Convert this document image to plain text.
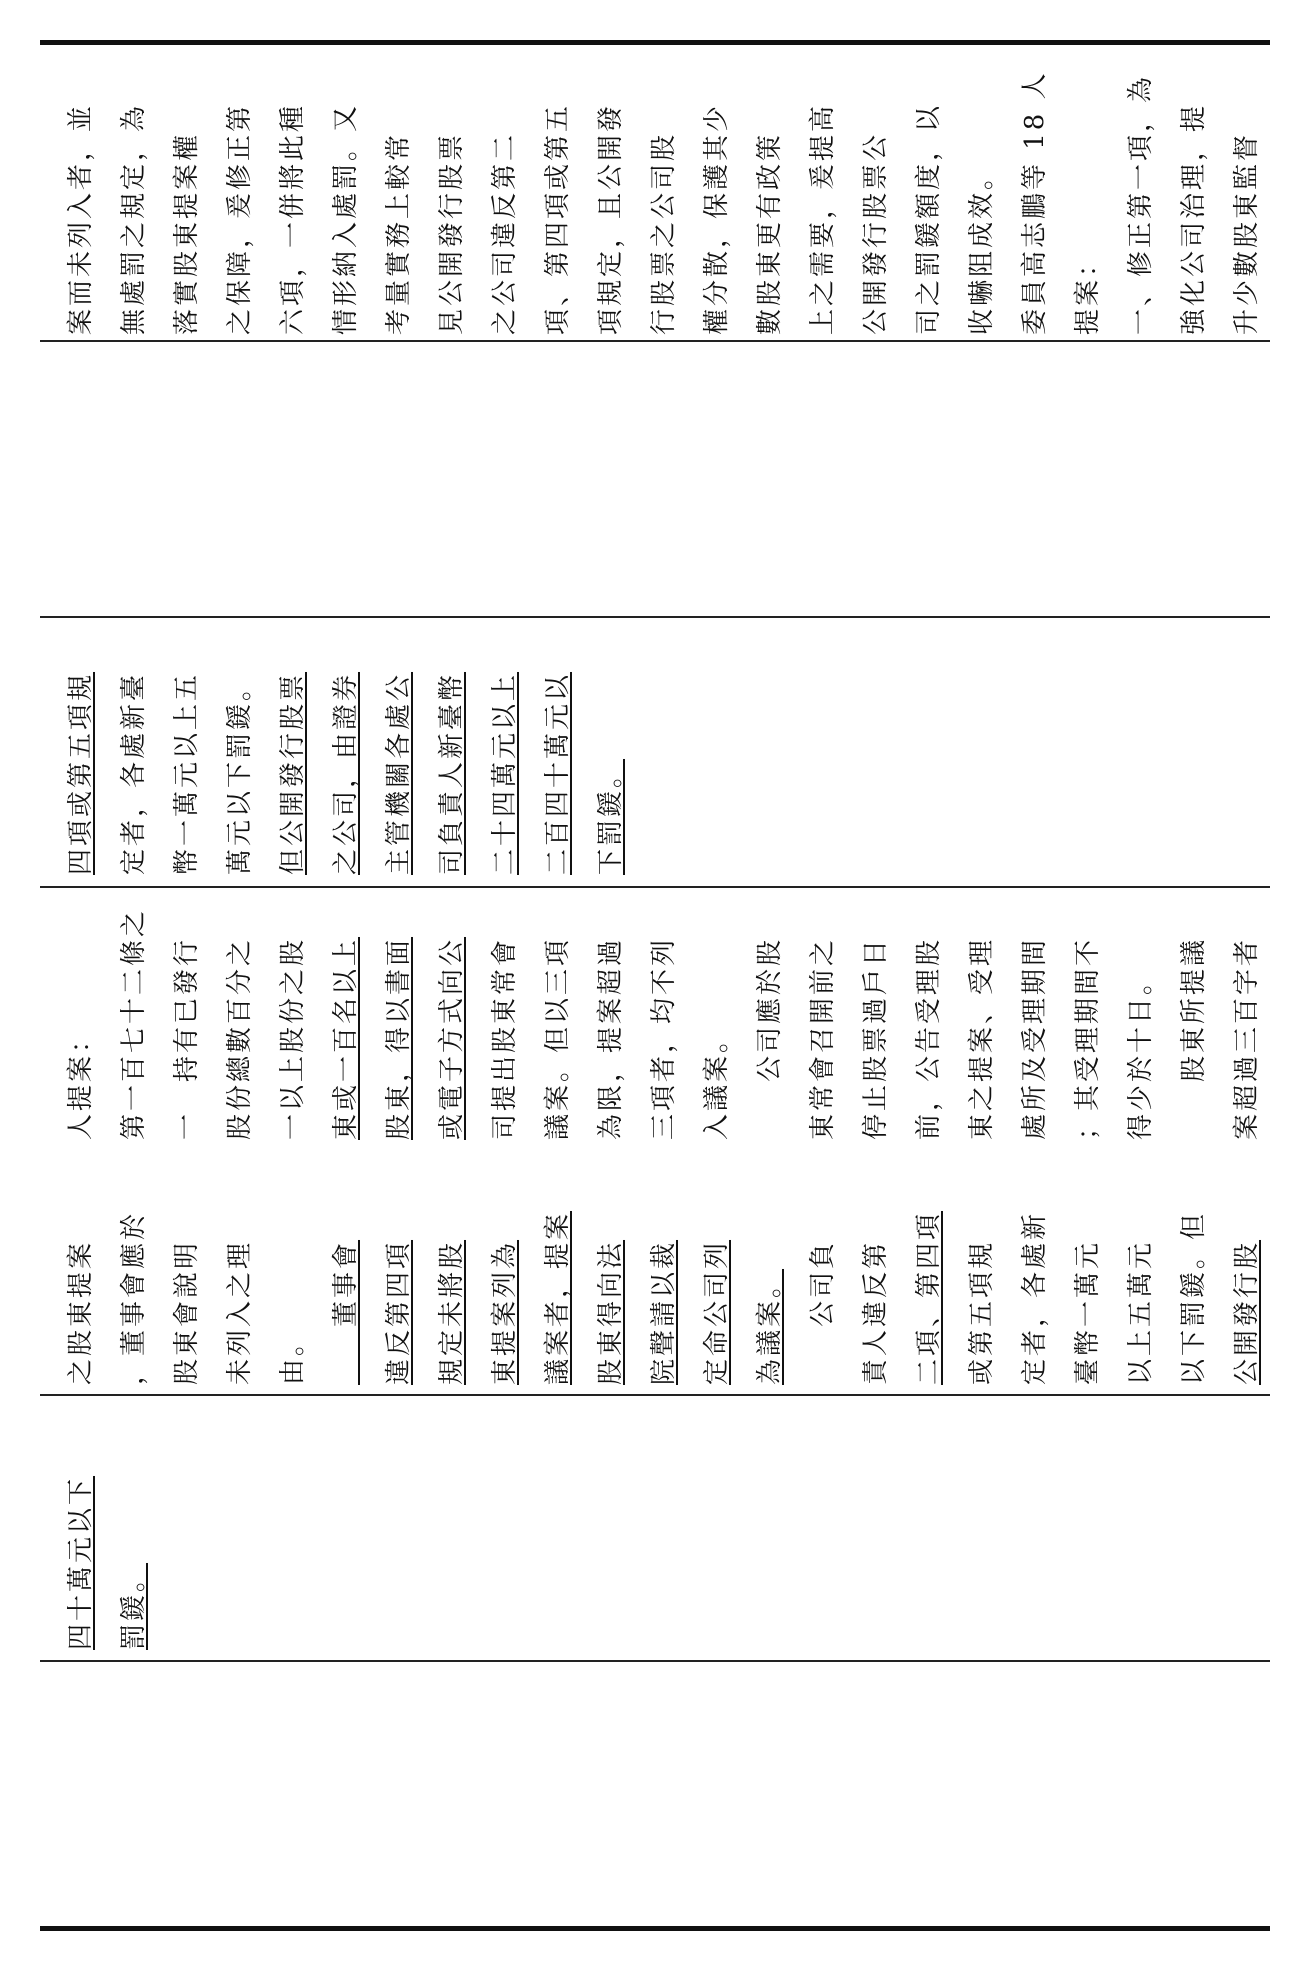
案而未列入者，並 無處罰之規定，為 落實股東提案權 之保障，爰修正第 六項，一併將此種 情形納入處罰。又 考量實務上較常 見公開發行股票 之公司違反第二 項、第四項或第五 項規定，且公開發 行股票之公司股 權分散，保護其少 數股東更有政策 上之需要，爰提高 公開發行股票公 司之罰鍰額度，以 收嚇阻成效。 委員高志鵬等 18 人 提案： 一、修正第一項，為 強化公司治理，提 升少數股東監督
四項或第五項規 定者，各處新臺 幣一萬元以上五 萬元以下罰鍰。 但公開發行股票 之公司，由證券 主管機關各處公 司負責人新臺幣 二十四萬元以上 二百四十萬元以 下罰鍰。
人提案： 第一百七十二條之 一　持有已發行 股份總數百分之 一以上股份之股 東或一百名以上 股東，得以書面 或電子方式向公 司提出股東常會 議案。但以三項 為限，提案超過 三項者，均不列 入議案。 　　公司應於股 東常會召開前之 停止股票過戶日 前，公告受理股 東之提案、受理 處所及受理期間 ；其受理期間不 得少於十日。 　　股東所提議 案超過三百字者
之股東提案 ，董事會應於 股東會說明 未列入之理 由。 　　董事會 違反第四項 規定未將股 東提案列為 議案者，提案 股東得向法 院聲請以裁 定命公司列 為議案。 　　公司負 責人違反第 二項、第四項 或第五項規 定者，各處新 臺幣一萬元 以上五萬元 以下罰鍰。但 公開發行股
四十萬元以下 罰鍰。
